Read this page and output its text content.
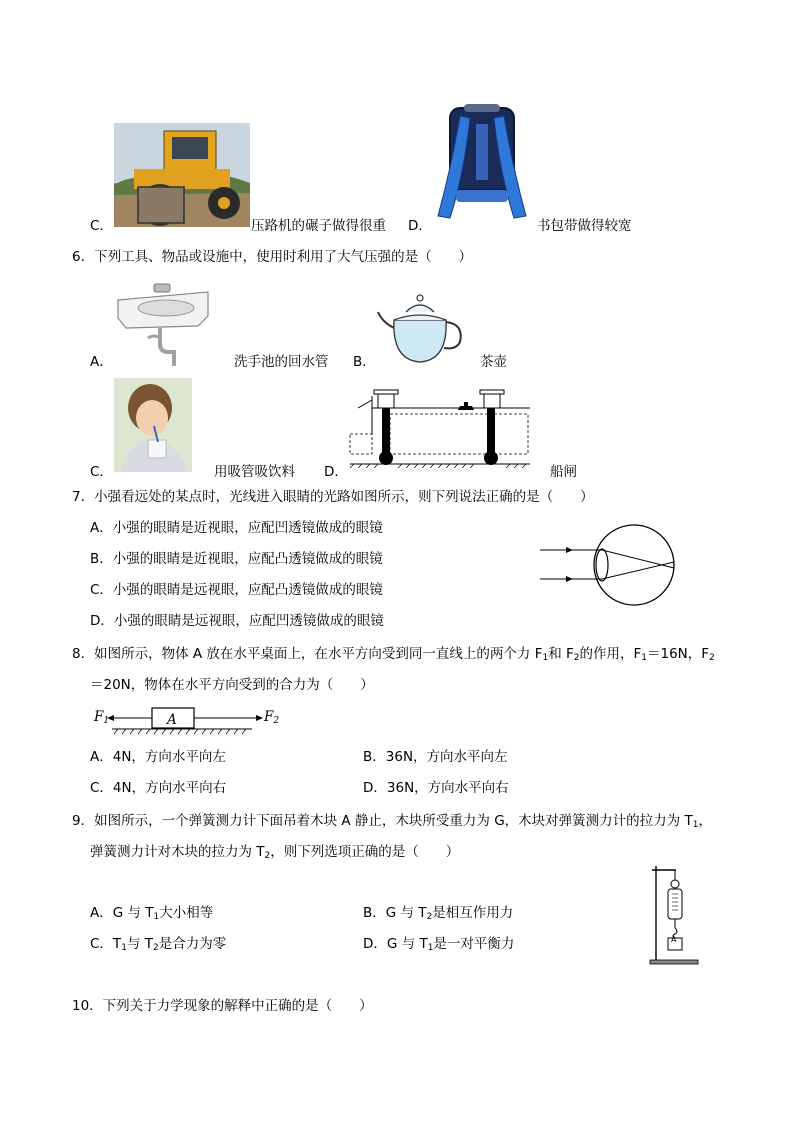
C．	压路机的碾子做得很重 D．	书包带做得较宽
6．下列工具、物品或设施中，使用时利用了大气压强的是（　　）
A．	洗手池的回水管 B．	茶壶
C．	用吸管吸饮料 D．	船闸
7．小强看远处的某点时，光线进入眼睛的光路如图所示，则下列说法正确的是（　　）
A．小强的眼睛是近视眼，应配凹透镜做成的眼镜
B．小强的眼睛是近视眼，应配凸透镜做成的眼镜
C．小强的眼睛是远视眼，应配凸透镜做成的眼镜
D．小强的眼睛是远视眼，应配凹透镜做成的眼镜
8．如图所示，物体 A 放在水平桌面上，在水平方向受到同一直线上的两个力 $F_1$和 $F_2$的作用，$F_1=16N$，$F_2$
＝20N，物体在水平方向受到的合力为（　　）
$F_1$	A	$F_2$
A．4N，方向水平向左	B．36N，方向水平向左
C．4N，方向水平向右	D．36N，方向水平向右
9．如图所示，一个弹簧测力计下面吊着木块 A 静止，木块所受重力为 G，木块对弹簧测力计的拉力为 $T_1$，
弹簧测力计对木块的拉力为 $T_2$，则下列选项正确的是（　　）
A．G 与 $T_1$大小相等	B．G 与 $T_2$是相互作用力
C．$T_1$与 $T_2$是合力为零	D．G 与 $T_1$是一对平衡力	A
10．下列关于力学现象的解释中正确的是（　　）
